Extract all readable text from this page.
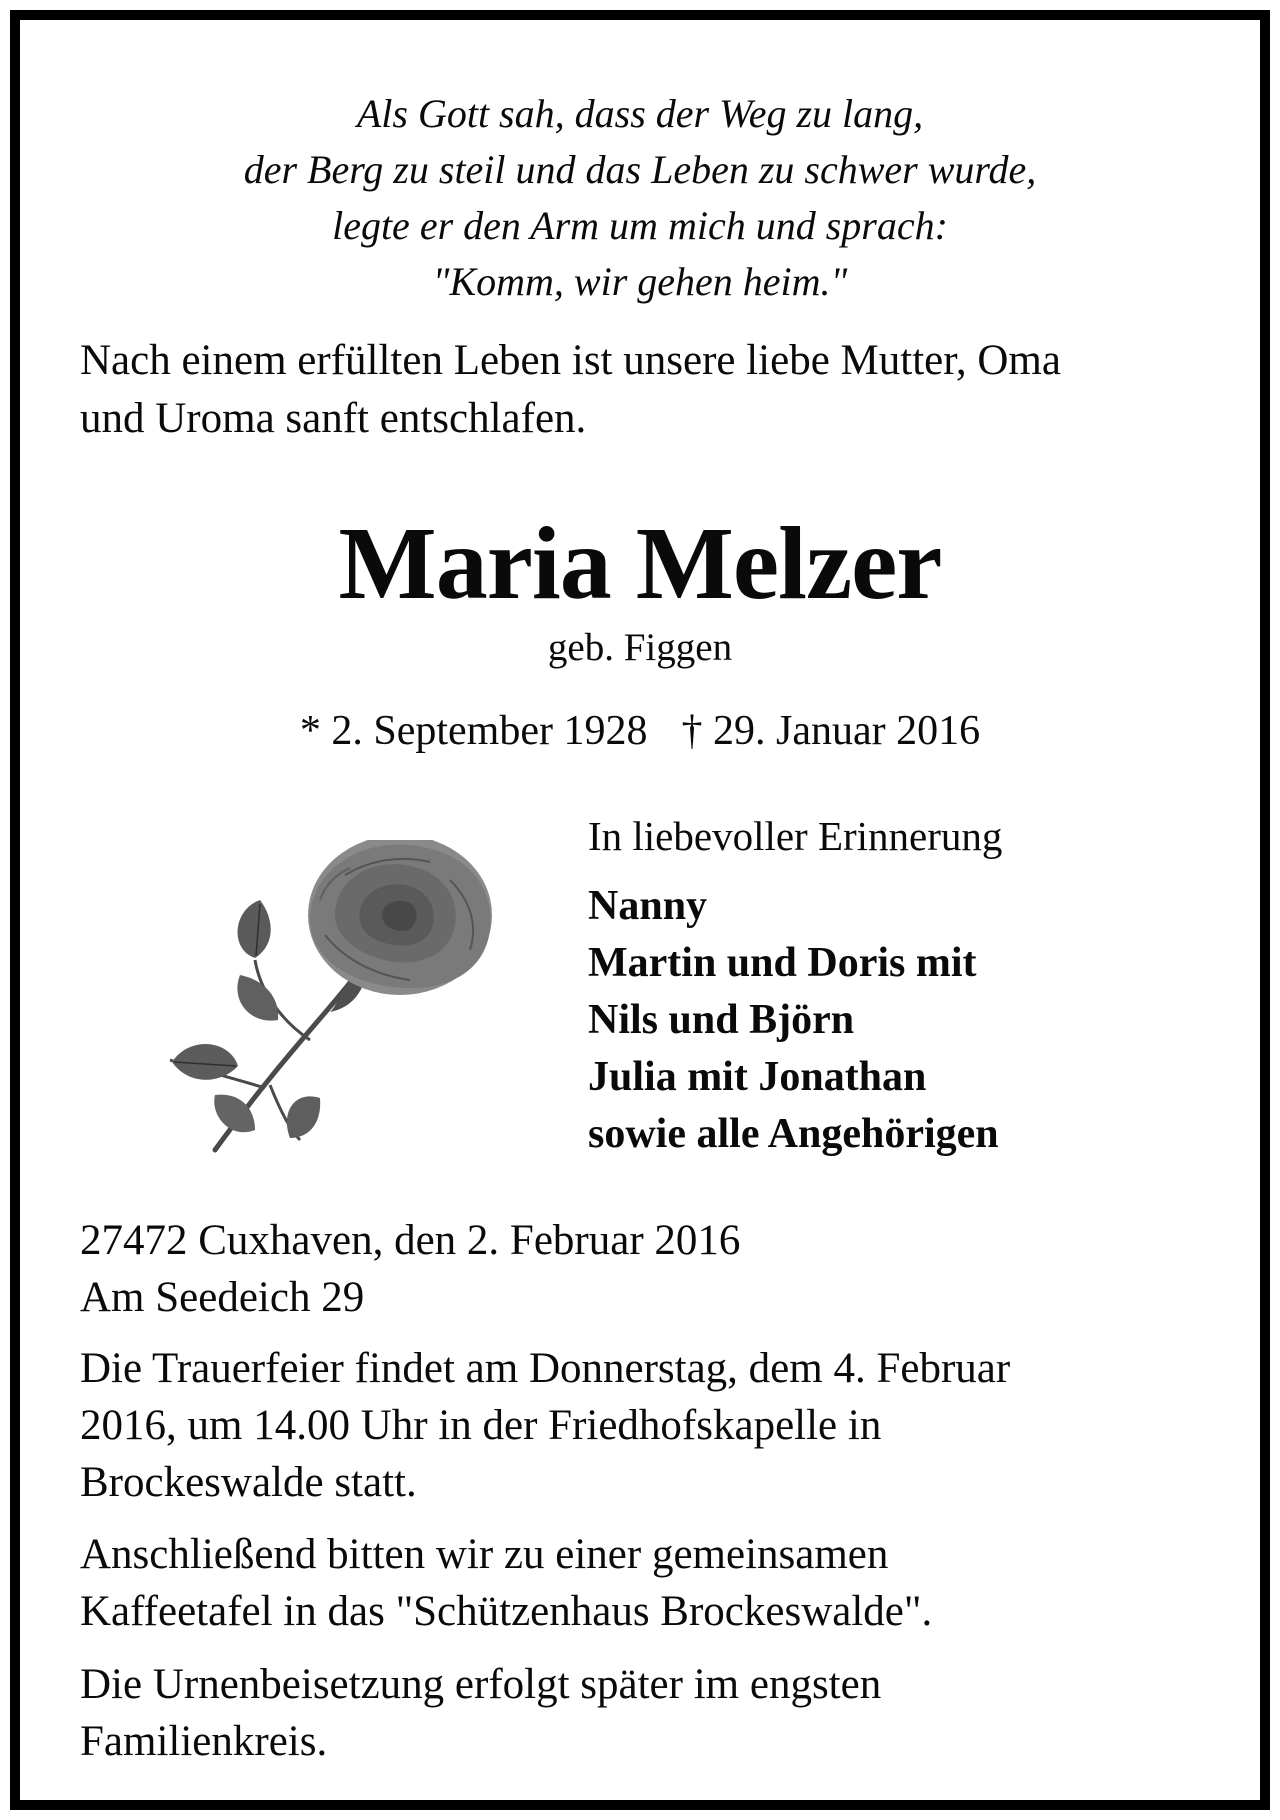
Als Gott sah, dass der Weg zu lang,
der Berg zu steil und das Leben zu schwer wurde,
legte er den Arm um mich und sprach:
"Komm, wir gehen heim."
Nach einem erfüllten Leben ist unsere liebe Mutter, Oma
und Uroma sanft entschlafen.
Maria Melzer
geb. Figgen
* 2. September 1928 † 29. Januar 2016
In liebevoller Erinnerung
Nanny
Martin und Doris mit
Nils und Björn
Julia mit Jonathan
sowie alle Angehörigen
27472 Cuxhaven, den 2. Februar 2016
Am Seedeich 29
Die Trauerfeier findet am Donnerstag, dem 4. Februar
2016, um 14.00 Uhr in der Friedhofskapelle in
Brockeswalde statt.
Anschließend bitten wir zu einer gemeinsamen
Kaffeetafel in das "Schützenhaus Brockeswalde".
Die Urnenbeisetzung erfolgt später im engsten
Familienkreis.
